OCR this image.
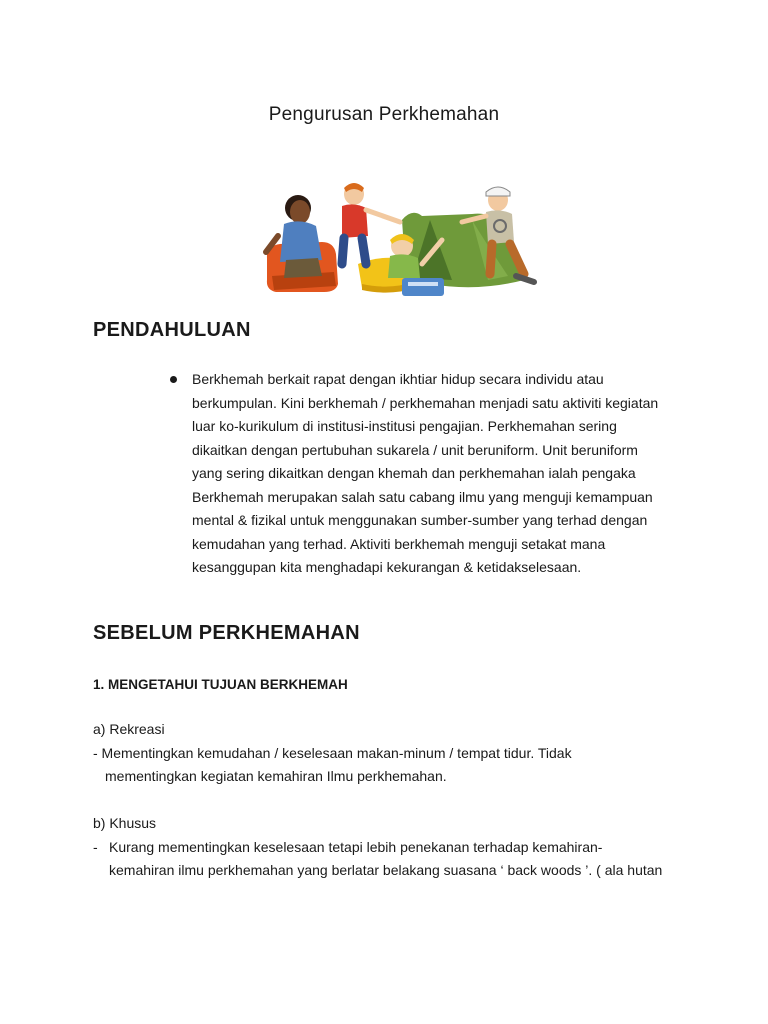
Pengurusan Perkhemahan
PENDAHULUAN
Berkhemah berkait rapat dengan ikhtiar hidup secara individu atau
berkumpulan. Kini berkhemah / perkhemahan menjadi satu aktiviti kegiatan
luar ko-kurikulum di institusi-institusi pengajian. Perkhemahan sering
dikaitkan dengan pertubuhan sukarela / unit beruniform. Unit beruniform
yang sering dikaitkan dengan khemah dan perkhemahan ialah pengaka
Berkhemah merupakan salah satu cabang ilmu yang menguji kemampuan
mental & fizikal untuk menggunakan sumber-sumber yang terhad dengan
kemudahan yang terhad. Aktiviti berkhemah menguji setakat mana
kesanggupan kita menghadapi kekurangan & ketidakselesaan.
SEBELUM PERKHEMAHAN
1. MENGETAHUI TUJUAN BERKHEMAH
a) Rekreasi
- Mementingkan kemudahan / keselesaan makan-minum / tempat tidur. Tidak
mementingkan kegiatan kemahiran Ilmu perkhemahan.
b) Khusus
- Kurang mementingkan keselesaan tetapi lebih penekanan terhadap kemahiran-
kemahiran ilmu perkhemahan yang berlatar belakang suasana ‘ back woods ’. ( ala hutan
